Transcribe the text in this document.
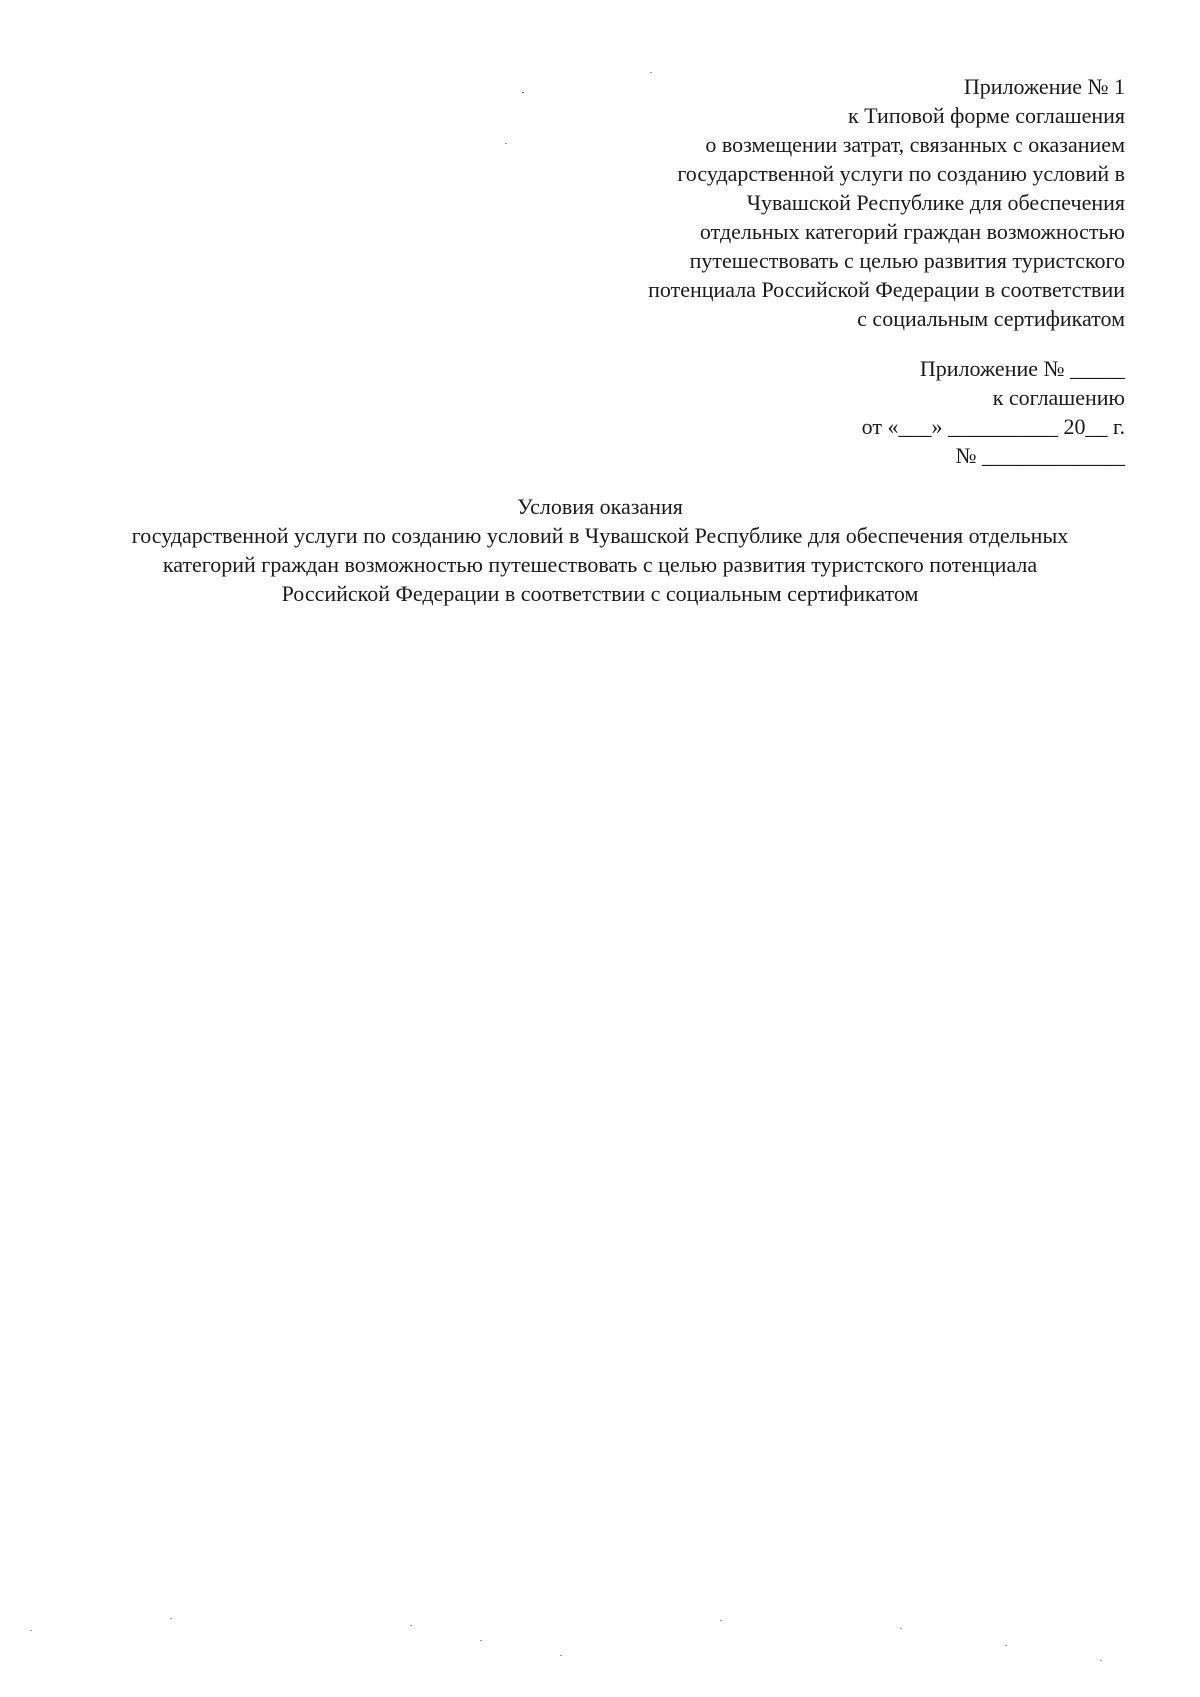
Приложение № 1
к Типовой форме соглашения
о возмещении затрат, связанных с оказанием
государственной услуги по созданию условий в
Чувашской Республике для обеспечения
отдельных категорий граждан возможностью
путешествовать с целью развития туристского
потенциала Российской Федерации в соответствии
с социальным сертификатом
Приложение № _____
к соглашению
от «___» __________ 20__ г.
№ _____________
Условия оказания
государственной услуги по созданию условий в Чувашской Республике для обеспечения отдельных
категорий граждан возможностью путешествовать с целью развития туристского потенциала
Российской Федерации в соответствии с социальным сертификатом
